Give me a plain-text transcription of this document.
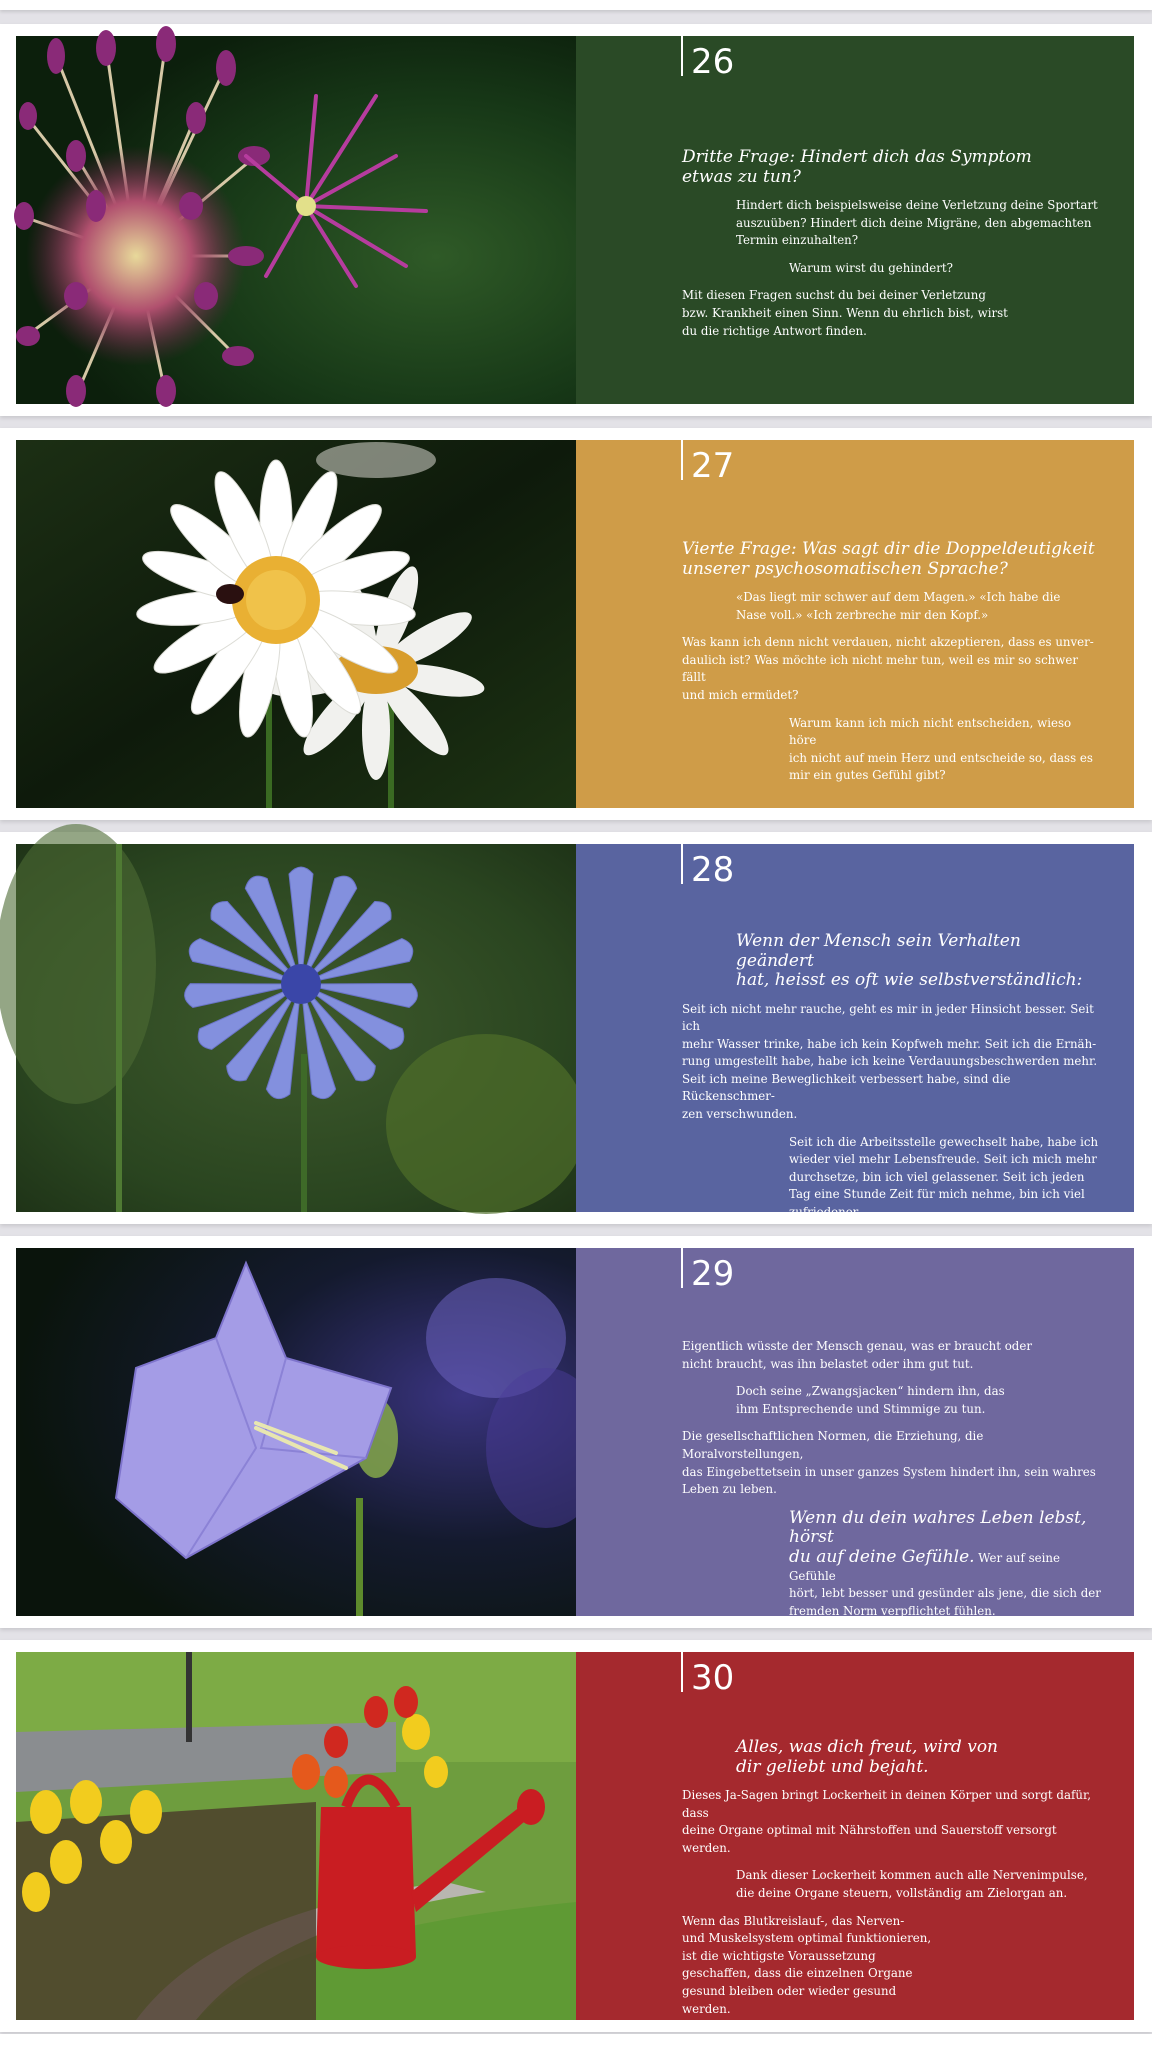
26

Dritte Frage: Hindert dich das Symptom
etwas zu tun?

Hindert dich beispielsweise deine Verletzung deine Sportart
auszuüben? Hindert dich deine Migräne, den abgemachten
Termin einzuhalten?

Warum wirst du gehindert?

Mit diesen Fragen suchst du bei deiner Verletzung
bzw. Krankheit einen Sinn. Wenn du ehrlich bist, wirst
du die richtige Antwort finden.

27

Vierte Frage: Was sagt dir die Doppeldeutigkeit
unserer psychosomatischen Sprache?

«Das liegt mir schwer auf dem Magen.» «Ich habe die
Nase voll.» «Ich zerbreche mir den Kopf.»

Was kann ich denn nicht verdauen, nicht akzeptieren, dass es unver-
daulich ist? Was möchte ich nicht mehr tun, weil es mir so schwer fällt
und mich ermüdet?

Warum kann ich mich nicht entscheiden, wieso höre
ich nicht auf mein Herz und entscheide so, dass es
mir ein gutes Gefühl gibt?

28

Wenn der Mensch sein Verhalten geändert
hat, heisst es oft wie selbstverständlich:

Seit ich nicht mehr rauche, geht es mir in jeder Hinsicht besser. Seit ich
mehr Wasser trinke, habe ich kein Kopfweh mehr. Seit ich die Ernäh-
rung umgestellt habe, habe ich keine Verdauungsbeschwerden mehr.
Seit ich meine Beweglichkeit verbessert habe, sind die Rückenschmer-
zen verschwunden.

Seit ich die Arbeitsstelle gewechselt habe, habe ich
wieder viel mehr Lebensfreude. Seit ich mich mehr
durchsetze, bin ich viel gelassener. Seit ich jeden
Tag eine Stunde Zeit für mich nehme, bin ich viel
zufriedener.

29

Eigentlich wüsste der Mensch genau, was er braucht oder
nicht braucht, was ihn belastet oder ihm gut tut.

Doch seine „Zwangsjacken“ hindern ihn, das
ihm Entsprechende und Stimmige zu tun.

Die gesellschaftlichen Normen, die Erziehung, die Moralvorstellungen,
das Eingebettetsein in unser ganzes System hindert ihn, sein wahres
Leben zu leben.

Wenn du dein wahres Leben lebst, hörst
du auf deine Gefühle. Wer auf seine Gefühle
hört, lebt besser und gesünder als jene, die sich der
fremden Norm verpflichtet fühlen.

30

Alles, was dich freut, wird von
dir geliebt und bejaht.

Dieses Ja-Sagen bringt Lockerheit in deinen Körper und sorgt dafür, dass
deine Organe optimal mit Nährstoffen und Sauerstoff versorgt werden.

Dank dieser Lockerheit kommen auch alle Nervenimpulse,
die deine Organe steuern, vollständig am Zielorgan an.

Wenn das Blutkreislauf-, das Nerven-
und Muskelsystem optimal funktionieren,
ist die wichtigste Voraussetzung
geschaffen, dass die einzelnen Organe
gesund bleiben oder wieder gesund
werden.
